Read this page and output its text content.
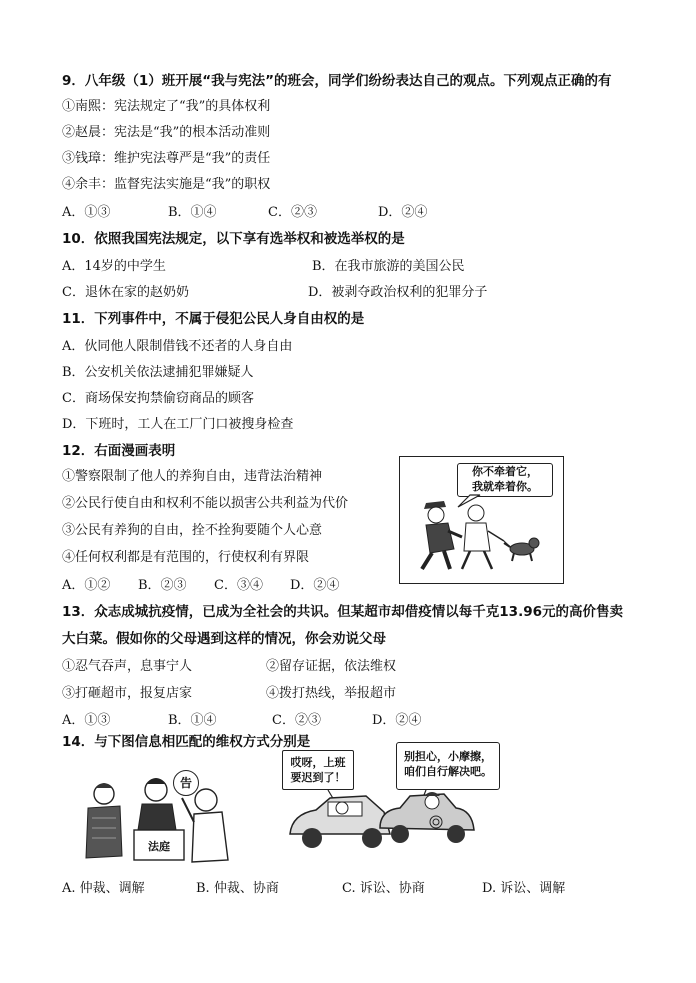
9．八年级（1）班开展“我与宪法”的班会，同学们纷纷表达自己的观点。下列观点正确的有
①南熙：宪法规定了“我”的具体权利
②赵晨：宪法是“我”的根本活动准则
③钱璋：维护宪法尊严是“我”的责任
④余丰：监督宪法实施是“我”的职权
A．①③	B．①④	C．②③	D．②④
10．依照我国宪法规定，以下享有选举权和被选举权的是
A．14岁的中学生	B．在我市旅游的美国公民
C．退休在家的赵奶奶	D．被剥夺政治权利的犯罪分子
11．下列事件中，不属于侵犯公民人身自由权的是
A．伙同他人限制借钱不还者的人身自由
B．公安机关依法逮捕犯罪嫌疑人
C．商场保安拘禁偷窃商品的顾客
D．下班时，工人在工厂门口被搜身检查
12．右面漫画表明
①警察限制了他人的养狗自由，违背法治精神
②公民行使自由和权利不能以损害公共利益为代价
③公民有养狗的自由，拴不拴狗要随个人心意
④任何权利都是有范围的，行使权利有界限
A．①② B．②③ C．③④ D．②④
你不牵着它，
我就牵着你。
13．众志成城抗疫情，已成为全社会的共识。但某超市却借疫情以每千克13.96元的高价售卖
大白菜。假如你的父母遇到这样的情况，你会劝说父母
①忍气吞声，息事宁人	②留存证据，依法维权
③打砸超市，报复店家	④拨打热线，举报超市
A．①③	B．①④	C．②③	D．②④
14．与下图信息相匹配的维权方式分别是
告
法庭
哎呀，上班
要迟到了！
别担心，小摩擦，
咱们自行解决吧。
A. 仲裁、调解	B. 仲裁、协商	C. 诉讼、协商	D. 诉讼、调解
